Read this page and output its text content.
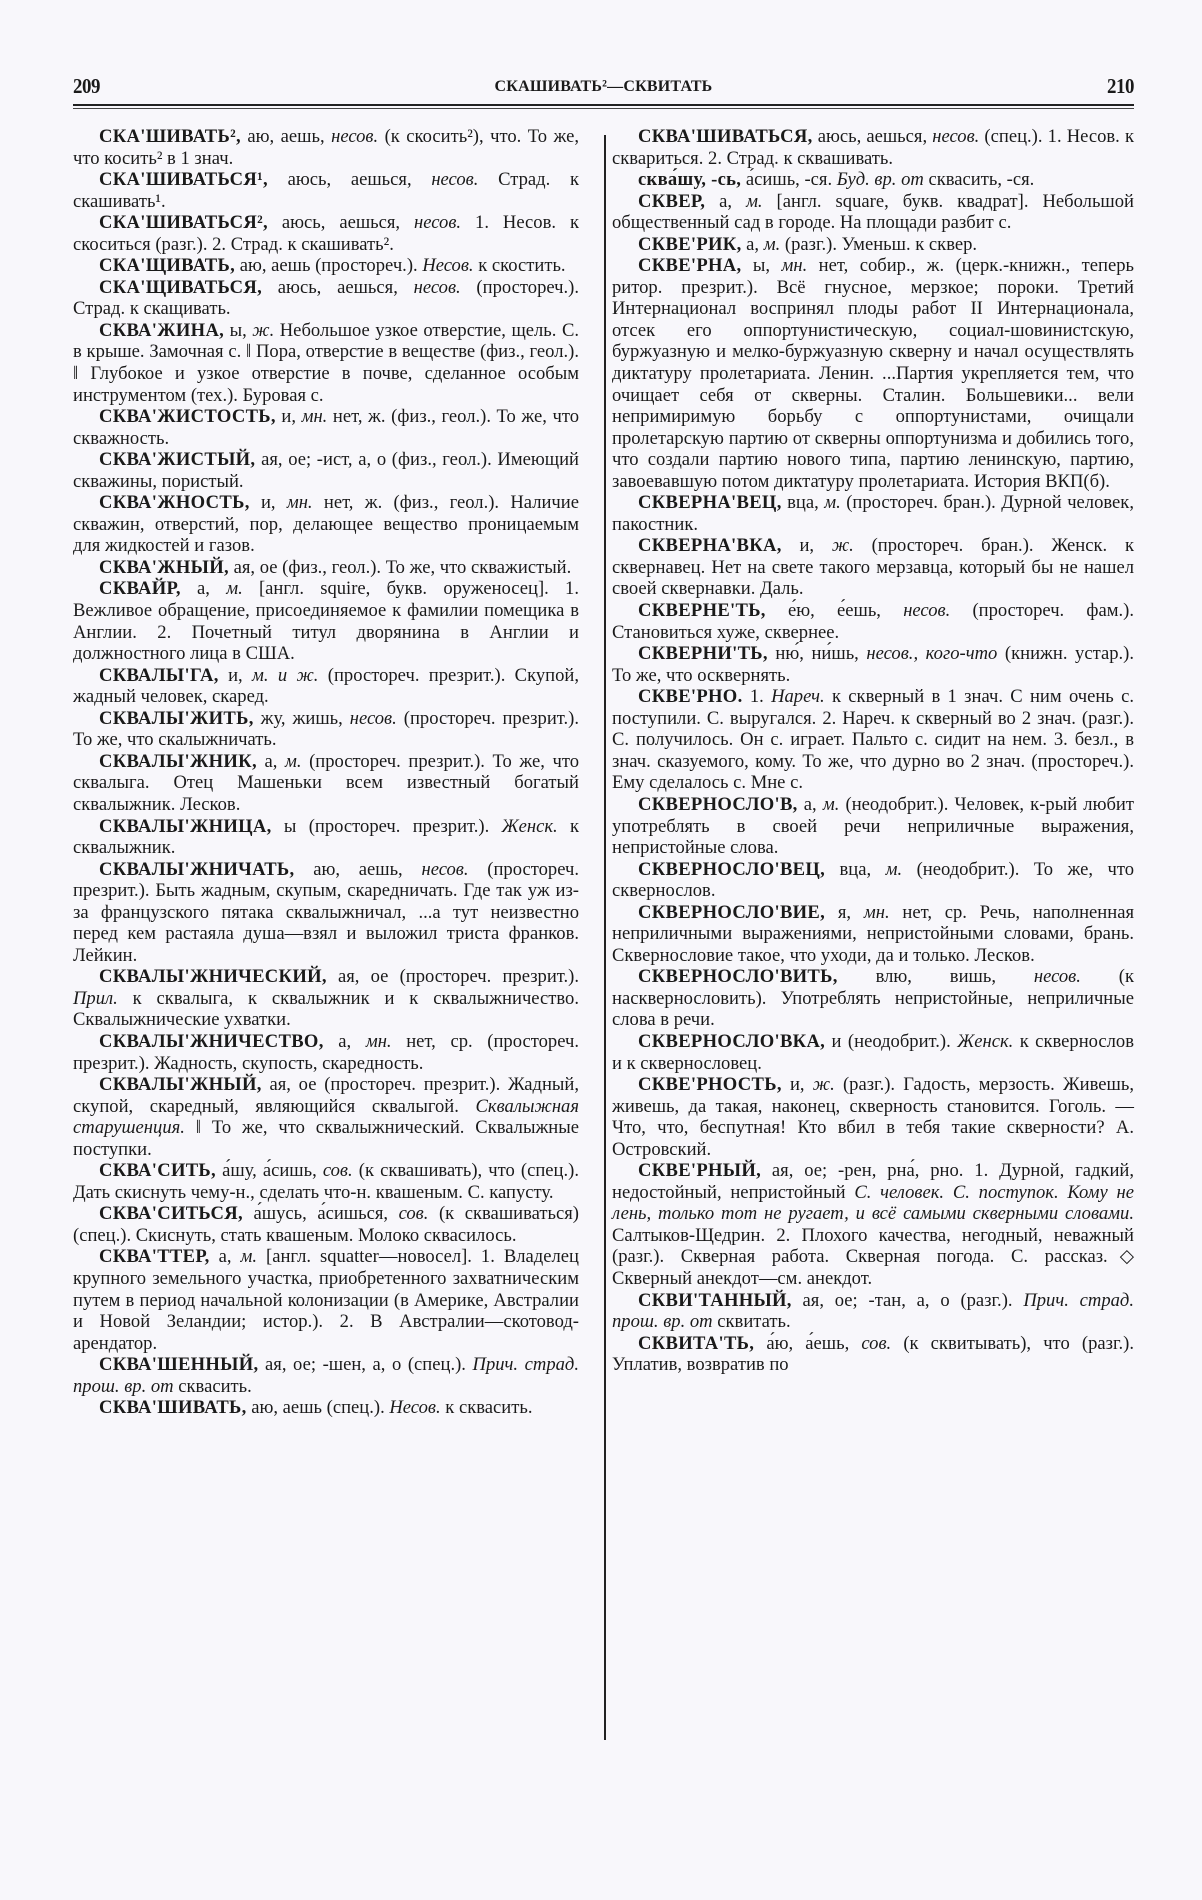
209	СКАШИВАТЬ²—СКВИТАТЬ	210

СКА'ШИВАТЬ², аю, аешь, несов. (к скосить²), что. То же, что косить² в 1 знач.

СКА'ШИВАТЬСЯ¹, аюсь, аешься, несов. Страд. к скашивать¹.

СКА'ШИВАТЬСЯ², аюсь, аешься, несов. 1. Несов. к скоситься (разг.). 2. Страд. к скашивать².

СКА'ЩИВАТЬ, аю, аешь (простореч.). Несов. к скостить.

СКА'ЩИВАТЬСЯ, аюсь, аешься, несов. (простореч.). Страд. к скащивать.

СКВА'ЖИНА, ы, ж. Небольшое узкое отверстие, щель. С. в крыше. Замочная с. ‖ Пора, отверстие в веществе (физ., геол.). ‖ Глубокое и узкое отверстие в почве, сделанное особым инструментом (тех.). Буровая с.

СКВА'ЖИСТОСТЬ, и, мн. нет, ж. (физ., геол.). То же, что скважность.

СКВА'ЖИСТЫЙ, ая, ое; -ист, а, о (физ., геол.). Имеющий скважины, пористый.

СКВА'ЖНОСТЬ, и, мн. нет, ж. (физ., геол.). Наличие скважин, отверстий, пор, делающее вещество проницаемым для жидкостей и газов.

СКВА'ЖНЫЙ, ая, ое (физ., геол.). То же, что скважистый.

СКВАЙР, а, м. [англ. squire, букв. оруженосец]. 1. Вежливое обращение, присоединяемое к фамилии помещика в Англии. 2. Почетный титул дворянина в Англии и должностного лица в США.

СКВАЛЫ'ГА, и, м. и ж. (простореч. презрит.). Скупой, жадный человек, скаред.

СКВАЛЫ'ЖИТЬ, жу, жишь, несов. (простореч. презрит.). То же, что скалыжничать.

СКВАЛЫ'ЖНИК, а, м. (простореч. презрит.). То же, что сквалыга. Отец Машеньки всем известный богатый сквалыжник. Лесков.

СКВАЛЫ'ЖНИЦА, ы (простореч. презрит.). Женск. к сквалыжник.

СКВАЛЫ'ЖНИЧАТЬ, аю, аешь, несов. (простореч. презрит.). Быть жадным, скупым, скаредничать. Где так уж из-за французского пятака сквалыжничал, ...а тут неизвестно перед кем растаяла душа—взял и выложил триста франков. Лейкин.

СКВАЛЫ'ЖНИЧЕСКИЙ, ая, ое (простореч. презрит.). Прил. к сквалыга, к сквалыжник и к сквалыжничество. Сквалыжнические ухватки.

СКВАЛЫ'ЖНИЧЕСТВО, а, мн. нет, ср. (простореч. презрит.). Жадность, скупость, скаредность.

СКВАЛЫ'ЖНЫЙ, ая, ое (простореч. презрит.). Жадный, скупой, скаредный, являющийся сквалыгой. Сквалыжная старушенция. ‖ То же, что сквалыжнический. Сквалыжные поступки.

СКВА'СИТЬ, а́шу, а́сишь, сов. (к сквашивать), что (спец.). Дать скиснуть чему-н., сделать что-н. квашеным. С. капусту.

СКВА'СИТЬСЯ, а́шусь, а́сишься, сов. (к сквашиваться) (спец.). Скиснуть, стать квашеным. Молоко сквасилось.

СКВА'ТТЕР, а, м. [англ. squatter—новосел]. 1. Владелец крупного земельного участка, приобретенного захватническим путем в период начальной колонизации (в Америке, Австралии и Новой Зеландии; истор.). 2. В Австралии—скотовод-арендатор.

СКВА'ШЕННЫЙ, ая, ое; -шен, а, о (спец.). Прич. страд. прош. вр. от сквасить.

СКВА'ШИВАТЬ, аю, аешь (спец.). Несов. к сквасить.

СКВА'ШИВАТЬСЯ, аюсь, аешься, несов. (спец.). 1. Несов. к сквариться. 2. Страд. к сквашивать.

сква́шу, -сь, а́сишь, -ся. Буд. вр. от сквасить, -ся.

СКВЕР, а, м. [англ. square, букв. квадрат]. Небольшой общественный сад в городе. На площади разбит с.

СКВЕ'РИК, а, м. (разг.). Уменьш. к сквер.

СКВЕ'РНА, ы, мн. нет, собир., ж. (церк.-книжн., теперь ритор. презрит.). Всё гнусное, мерзкое; пороки. Третий Интернационал воспринял плоды работ II Интернационала, отсек его оппортунистическую, социал-шовинистскую, буржуазную и мелко-буржуазную скверну и начал осуществлять диктатуру пролетариата. Ленин. ...Партия укрепляется тем, что очищает себя от скверны. Сталин. Большевики... вели непримиримую борьбу с оппортунистами, очищали пролетарскую партию от скверны оппортунизма и добились того, что создали партию нового типа, партию ленинскую, партию, завоевавшую потом диктатуру пролетариата. История ВКП(б).

СКВЕРНА'ВЕЦ, вца, м. (простореч. бран.). Дурной человек, пакостник.

СКВЕРНА'ВКА, и, ж. (простореч. бран.). Женск. к сквернавец. Нет на свете такого мерзавца, который бы не нашел своей сквернавки. Даль.

СКВЕРНЕ'ТЬ, е́ю, е́ешь, несов. (простореч. фам.). Становиться хуже, сквернее.

СКВЕРНИ'ТЬ, ню́, ни́шь, несов., кого-что (книжн. устар.). То же, что осквернять.

СКВЕ'РНО. 1. Нареч. к скверный в 1 знач. С ним очень с. поступили. С. выругался. 2. Нареч. к скверный во 2 знач. (разг.). С. получилось. Он с. играет. Пальто с. сидит на нем. 3. безл., в знач. сказуемого, кому. То же, что дурно во 2 знач. (простореч.). Ему сделалось с. Мне с.

СКВЕРНОСЛО'В, а, м. (неодобрит.). Человек, к-рый любит употреблять в своей речи неприличные выражения, непристойные слова.

СКВЕРНОСЛО'ВЕЦ, вца, м. (неодобрит.). То же, что сквернослов.

СКВЕРНОСЛО'ВИЕ, я, мн. нет, ср. Речь, наполненная неприличными выражениями, непристойными словами, брань. Сквернословие такое, что уходи, да и только. Лесков.

СКВЕРНОСЛО'ВИТЬ, влю, вишь, несов. (к насквернословить). Употреблять непристойные, неприличные слова в речи.

СКВЕРНОСЛО'ВКА, и (неодобрит.). Женск. к сквернослов и к сквернословец.

СКВЕ'РНОСТЬ, и, ж. (разг.). Гадость, мерзость. Живешь, живешь, да такая, наконец, скверность становится. Гоголь. —Что, что, беспутная! Кто вбил в тебя такие скверности? А. Островский.

СКВЕ'РНЫЙ, ая, ое; -рен, рна́, рно. 1. Дурной, гадкий, недостойный, непристойный С. человек. С. поступок. Кому не лень, только тот не ругает, и всё самыми скверными словами. Салтыков-Щедрин. 2. Плохого качества, негодный, неважный (разг.). Скверная работа. Скверная погода. С. рассказ.◇ Скверный анекдот—см. анекдот.

СКВИ'ТАННЫЙ, ая, ое; -тан, а, о (разг.). Прич. страд. прош. вр. от сквитать.

СКВИТА'ТЬ, а́ю, а́ешь, сов. (к сквитывать), что (разг.). Уплатив, возвратив по
